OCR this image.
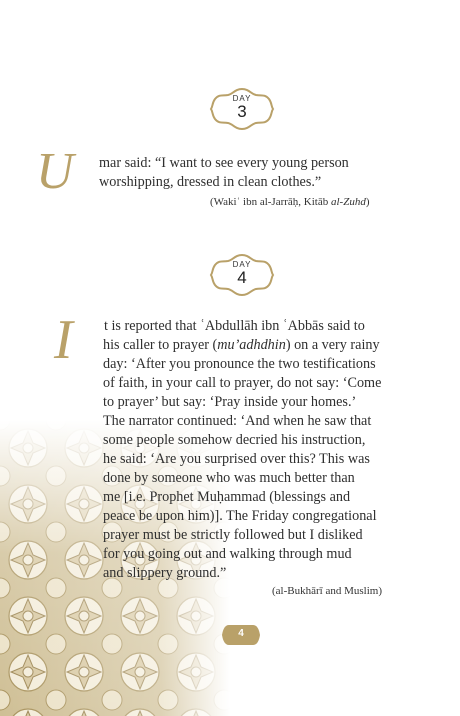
DAY
3
U mar said: “I want to see every young person
worshipping, dressed in clean clothes.”
(Wakiʿ ibn al-Jarrāḥ, Kitāb al-Zuhd)
DAY
4
I t is reported that ʿAbdullāh ibn ʿAbbās said to
his caller to prayer (mu’adhdhin) on a very rainy
day: ‘After you pronounce the two testifications
of faith, in your call to prayer, do not say: ‘Come
to prayer’ but say: ‘Pray inside your homes.’
The narrator continued: ‘And when he saw that
some people somehow decried his instruction,
he said: ‘Are you surprised over this? This was
done by someone who was much better than
me [i.e. Prophet Muḥammad (blessings and
peace be upon him)]. The Friday congregational
prayer must be strictly followed but I disliked
for you going out and walking through mud
and slippery ground.”
(al-Bukhārī and Muslim)
4
